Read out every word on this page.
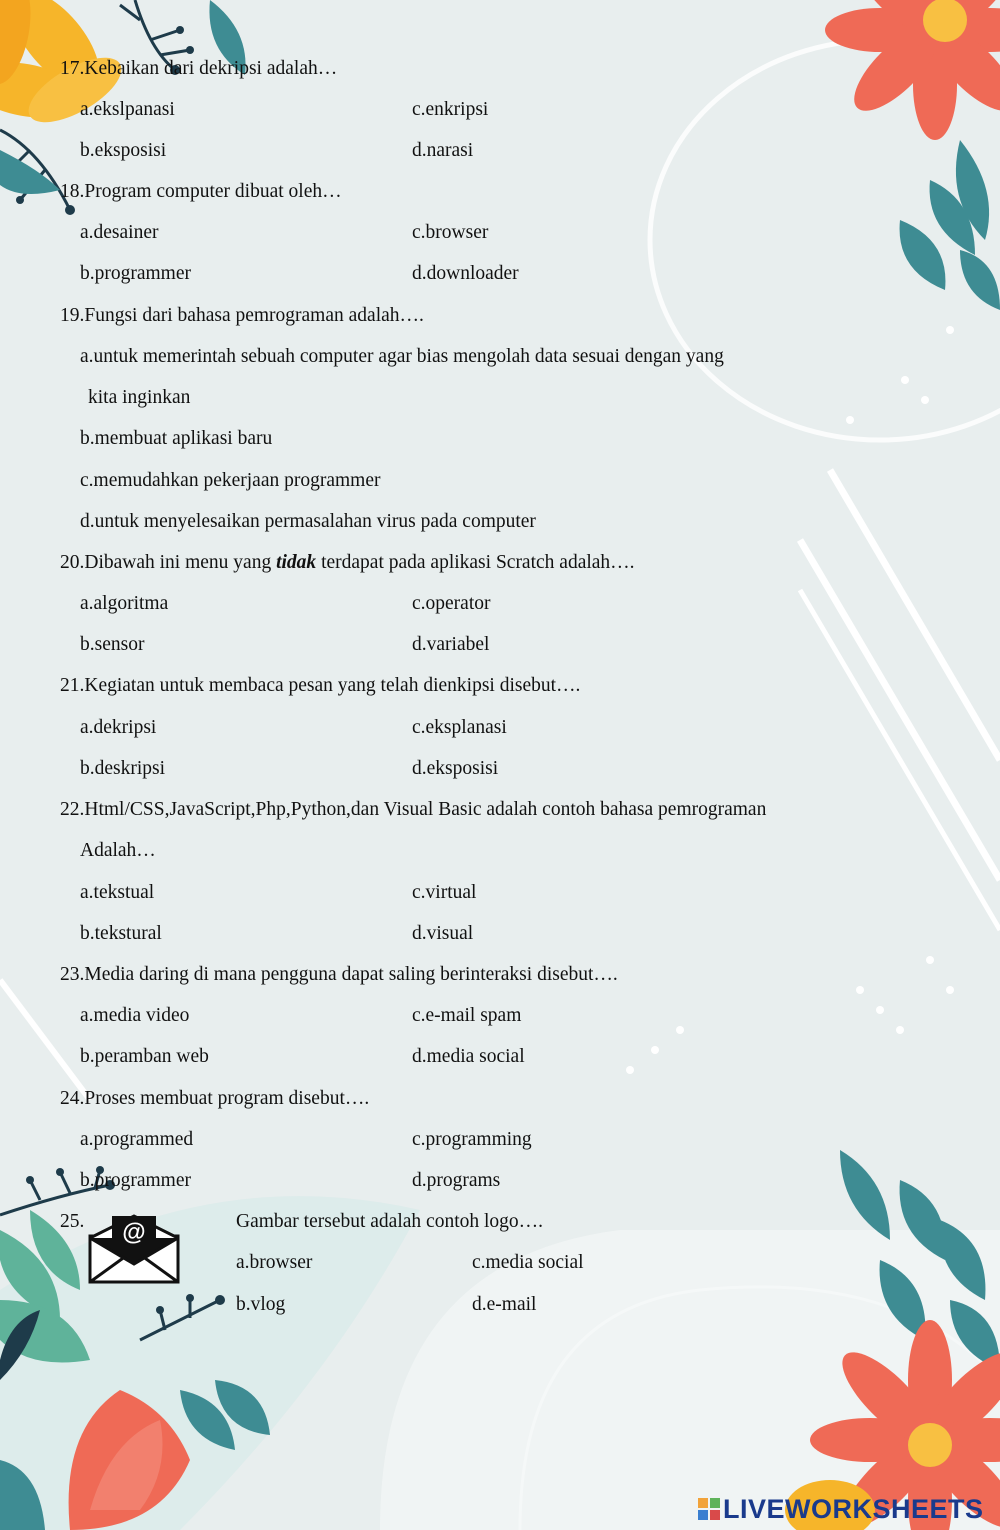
17.Kebaikan dari dekripsi adalah…
a.ekslpanasi	c.enkripsi
b.eksposisi	d.narasi
18.Program computer dibuat oleh…
a.desainer	c.browser
b.programmer	d.downloader
19.Fungsi dari bahasa pemrograman adalah….
a.untuk memerintah sebuah computer agar bias mengolah data sesuai dengan yang
kita inginkan
b.membuat aplikasi baru
c.memudahkan pekerjaan programmer
d.untuk menyelesaikan permasalahan virus pada computer
20.Dibawah ini menu yang tidak terdapat pada aplikasi Scratch adalah….
a.algoritma	c.operator
b.sensor	d.variabel
21.Kegiatan untuk membaca pesan yang telah dienkipsi disebut….
a.dekripsi	c.eksplanasi
b.deskripsi	d.eksposisi
22.Html/CSS,JavaScript,Php,Python,dan Visual Basic adalah contoh bahasa pemrograman
Adalah…
a.tekstual	c.virtual
b.tekstural	d.visual
23.Media daring di mana pengguna dapat saling berinteraksi disebut….
a.media video	c.e-mail spam
b.peramban web	d.media social
24.Proses membuat program disebut….
a.programmed	c.programming
b.programmer	d.programs
25. @	Gambar tersebut adalah contoh logo….
a.browser	c.media social
b.vlog	d.e-mail
LIVEWORKSHEETS
